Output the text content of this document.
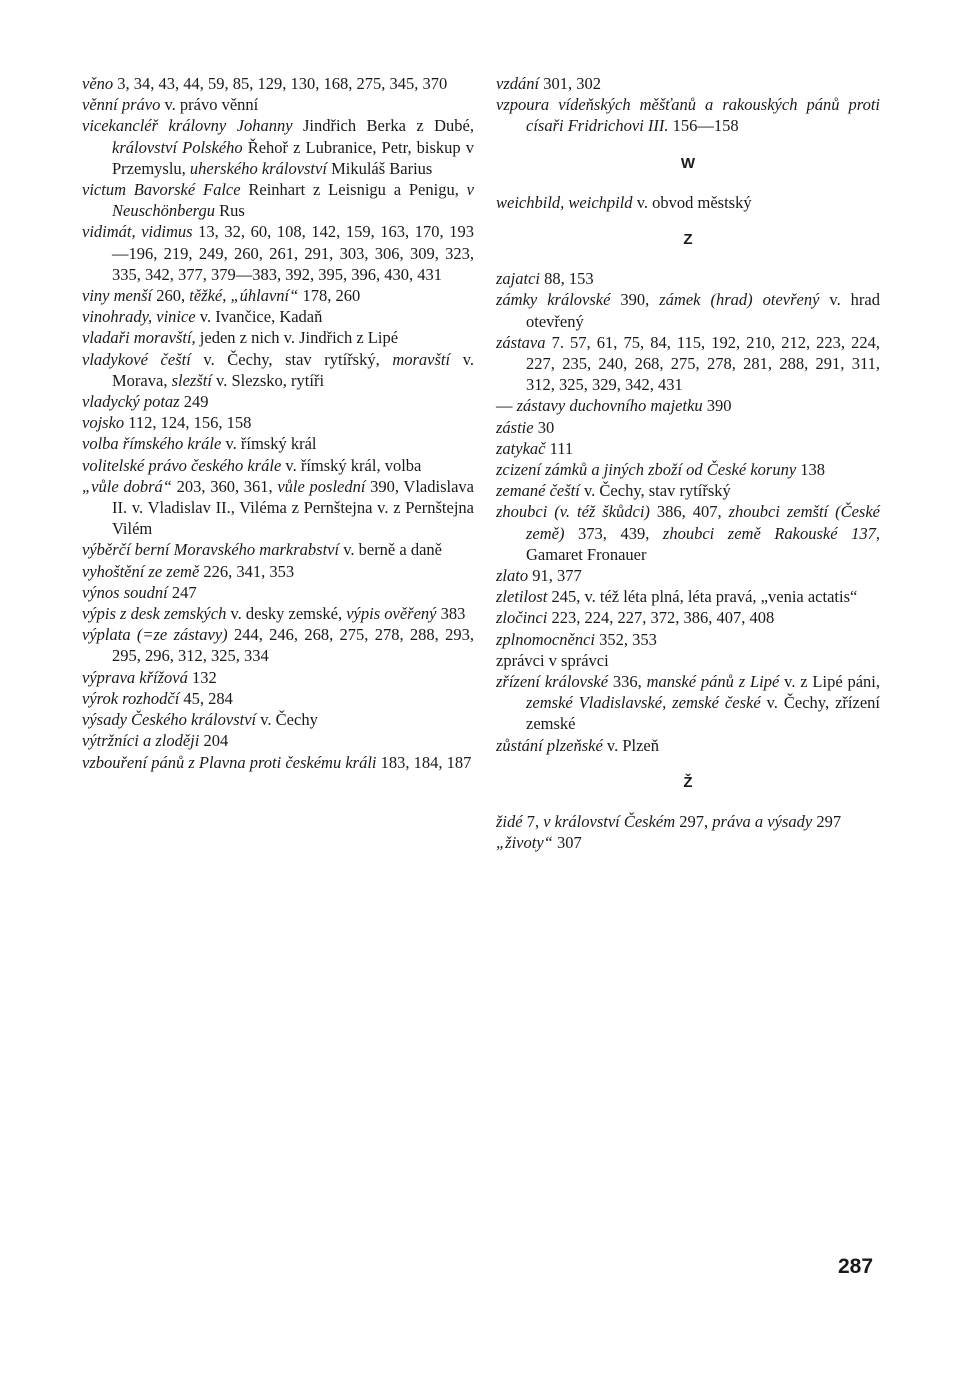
věno 3, 34, 43, 44, 59, 85, 129, 130, 168, 275, 345, 370

věnní právo v. právo věnní

vicekancléř královny Johanny Jindřich Berka z Dubé, království Polského Řehoř z Lubranice, Petr, biskup v Przemyslu, uherského království Mikuláš Barius

victum Bavorské Falce Reinhart z Leisnigu a Penigu, v Neuschönbergu Rus

vidimát, vidimus 13, 32, 60, 108, 142, 159, 163, 170, 193—196, 219, 249, 260, 261, 291, 303, 306, 309, 323, 335, 342, 377, 379—383, 392, 395, 396, 430, 431

viny menší 260, těžké, „úhlavní“ 178, 260

vinohrady, vinice v. Ivančice, Kadaň

vladaři moravští, jeden z nich v. Jindřich z Lipé

vladykové čeští v. Čechy, stav rytířský, moravští v. Morava, slezští v. Slezsko, rytíři

vladycký potaz 249

vojsko 112, 124, 156, 158

volba římského krále v. římský král

volitelské právo českého krále v. římský král, volba

„vůle dobrá“ 203, 360, 361, vůle poslední 390, Vladislava II. v. Vladislav II., Viléma z Pernštejna v. z Pernštejna Vilém

výběrčí berní Moravského markrabství v. berně a daně

vyhoštění ze země 226, 341, 353

výnos soudní 247

výpis z desk zemských v. desky zemské, výpis ověřený 383

výplata (=ze zástavy) 244, 246, 268, 275, 278, 288, 293, 295, 296, 312, 325, 334

výprava křížová 132

výrok rozhodčí 45, 284

výsady Českého království v. Čechy

výtržníci a zloději 204

vzbouření pánů z Plavna proti českému králi 183, 184, 187

vzdání 301, 302

vzpoura vídeňských měšťanů a rakouských pánů proti císaři Fridrichovi III. 156—158

W

weichbild, weichpild v. obvod městský

Z

zajatci 88, 153

zámky královské 390, zámek (hrad) otevřený v. hrad otevřený

zástava 7. 57, 61, 75, 84, 115, 192, 210, 212, 223, 224, 227, 235, 240, 268, 275, 278, 281, 288, 291, 311, 312, 325, 329, 342, 431

— zástavy duchovního majetku 390

zástie 30

zatykač 111

zcizení zámků a jiných zboží od České koruny 138

zemané čeští v. Čechy, stav rytířský

zhoubci (v. též škůdci) 386, 407, zhoubci zemští (České země) 373, 439, zhoubci země Rakouské 137, Gamaret Fronauer

zlato 91, 377

zletilost 245, v. též léta plná, léta pravá, „venia actatis“

zločinci 223, 224, 227, 372, 386, 407, 408

zplnomocněnci 352, 353

zprávci v správci

zřízení královské 336, manské pánů z Lipé v. z Lipé páni, zemské Vladislavské, zemské české v. Čechy, zřízení zemské

zůstání plzeňské v. Plzeň

Ž

židé 7, v království Českém 297, práva a výsady 297

„životy“ 307

287
